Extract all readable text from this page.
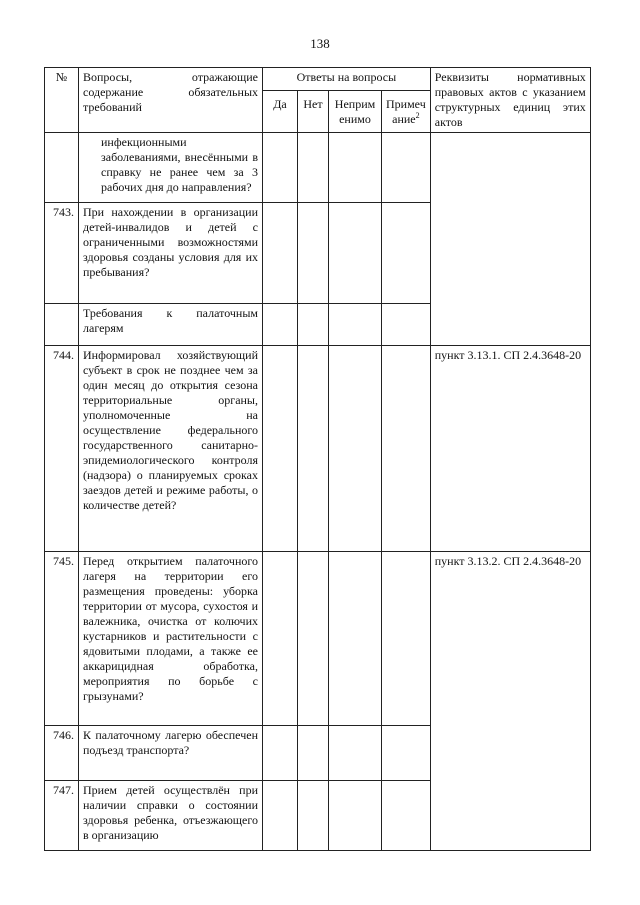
138
№	Вопросы, отражающие содержание обязательных требований	Ответы на вопросы				Реквизиты нормативных правовых актов с указанием структурных единиц этих актов
		Да	Нет	Неприм енимо	Примеч ание$^2$
	инфекционными заболеваниями, внесёнными в справку не ранее чем за 3 рабочих дня до направления?					
743.	При нахождении в организации детей-инвалидов и детей с ограниченными возможностями здоровья созданы условия для их пребывания?					
	Требования к палаточным лагерям					
744.	Информировал хозяйствующий субъект в срок не позднее чем за один месяц до открытия сезона территориальные органы, уполномоченные на осуществление федерального государственного санитарно-эпидемиологического контроля (надзора) о планируемых сроках заездов детей и режиме работы, о количестве детей?					пункт 3.13.1. СП 2.4.3648-20
745.	Перед открытием палаточного лагеря на территории его размещения проведены: уборка территории от мусора, сухостоя и валежника, очистка от колючих кустарников и растительности с ядовитыми плодами, а также ее аккарицидная обработка, мероприятия по борьбе с грызунами?					пункт 3.13.2. СП 2.4.3648-20
746.	К палаточному лагерю обеспечен подъезд транспорта?					
747.	Прием детей осуществлён при наличии справки о состоянии здоровья ребенка, отъезжающего в организацию					
